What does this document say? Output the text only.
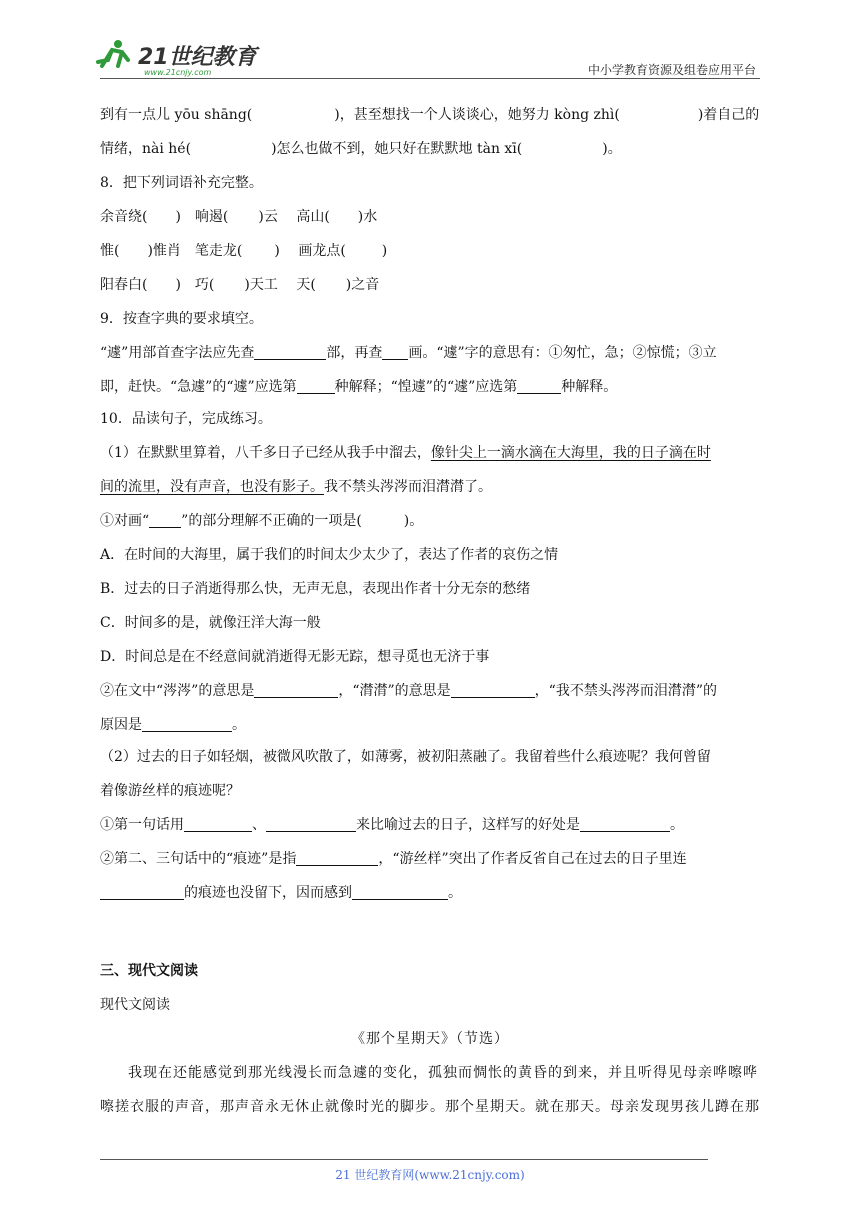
21世纪教育
www.21cnjy.com	中小学教育资源及组卷应用平台
到有一点儿 yōu shāng(	)，甚至想找一个人谈谈心，她努力 kòng zhì(	)着自己的
情绪，nài hé(	)怎么也做不到，她只好在默默地 tàn xī(	)。
8．把下列词语补充完整。
余音绕( )　响遏( )云　 高山( )水
惟( )惟肖　笔走龙( )　 画龙点(	)
阳春白( )　巧( )天工　 天( )之音
9．按查字典的要求填空。
“遽”用部首查字法应先查	部，再查 画。“遽”字的意思有：①匆忙，急；②惊慌；③立
即，赶快。“急遽”的“遽”应选第	种解释；“惶遽”的“遽”应选第	种解释。
10．品读句子，完成练习。
（1）在默默里算着，八千多日子已经从我手中溜去，像针尖上一滴水滴在大海里，我的日子滴在时
间的流里，没有声音，也没有影子。我不禁头涔涔而泪潸潸了。
①对画“ ”的部分理解不正确的一项是(	)。
A．在时间的大海里，属于我们的时间太少太少了，表达了作者的哀伤之情
B．过去的日子消逝得那么快，无声无息，表现出作者十分无奈的愁绪
C．时间多的是，就像汪洋大海一般
D．时间总是在不经意间就消逝得无影无踪，想寻觅也无济于事
②在文中“涔涔”的意思是	，“潸潸”的意思是	，“我不禁头涔涔而泪潸潸”的
原因是	。
（2）过去的日子如轻烟，被微风吹散了，如薄雾，被初阳蒸融了。我留着些什么痕迹呢？我何曾留
着像游丝样的痕迹呢？
①第一句话用	、	来比喻过去的日子，这样写的好处是	。
②第二、三句话中的“痕迹”是指	，“游丝样”突出了作者反省自己在过去的日子里连
的痕迹也没留下，因而感到	。
三、现代文阅读
现代文阅读
《那个星期天》（节选）
我现在还能感觉到那光线漫长而急遽的变化，孤独而惆怅的黄昏的到来，并且听得见母亲哗嚓哗
嚓搓衣服的声音，那声音永无休止就像时光的脚步。那个星期天。就在那天。母亲发现男孩儿蹲在那
21 世纪教育网(www.21cnjy.com)
